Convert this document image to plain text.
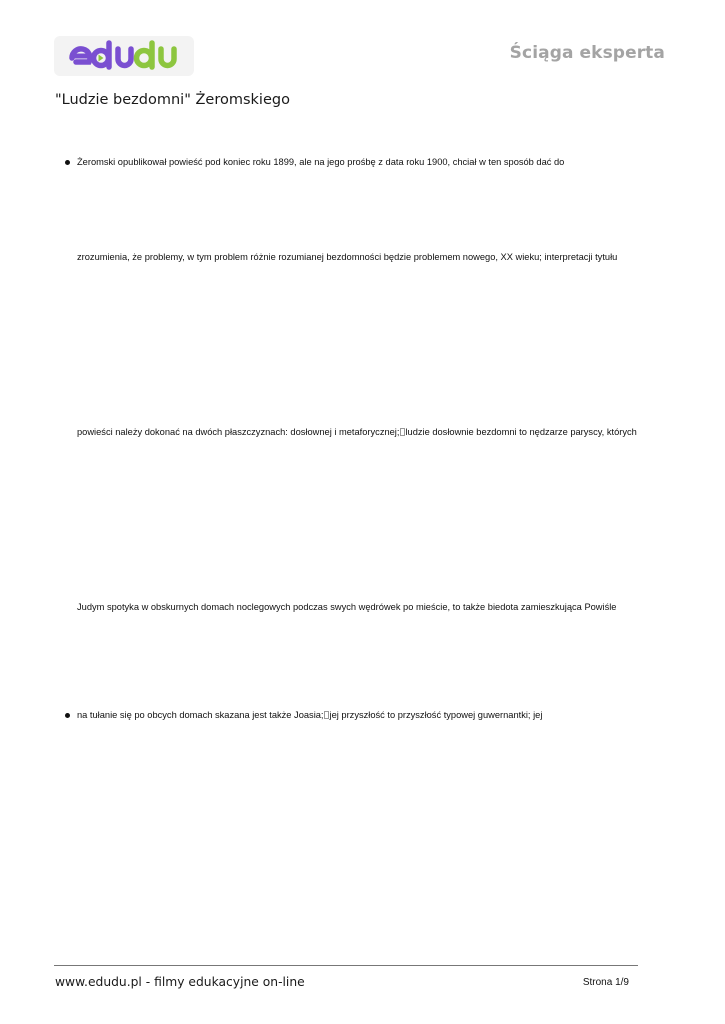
Ściąga eksperta
"Ludzie bezdomni" Żeromskiego
Żeromski opublikował powieść pod koniec roku 1899, ale na jego prośbę z data roku 1900, chciał w ten sposób dać do
zrozumienia, że problemy, w tym problem różnie rozumianej bezdomności będzie problemem nowego, XX wieku; interpretacji tytułu
powieści należy dokonać na dwóch płaszczyznach: dosłownej i metaforycznej; ludzie dosłownie bezdomni to nędzarze paryscy, których
Judym spotyka w obskurnych domach noclegowych podczas swych wędrówek po mieście, to także biedota zamieszkująca Powiśle
na tułanie się po obcych domach skazana jest także Joasia; jej przyszłość to przyszłość typowej guwernantki; jej
www.edudu.pl - filmy edukacyjne on-line	Strona 1/9
